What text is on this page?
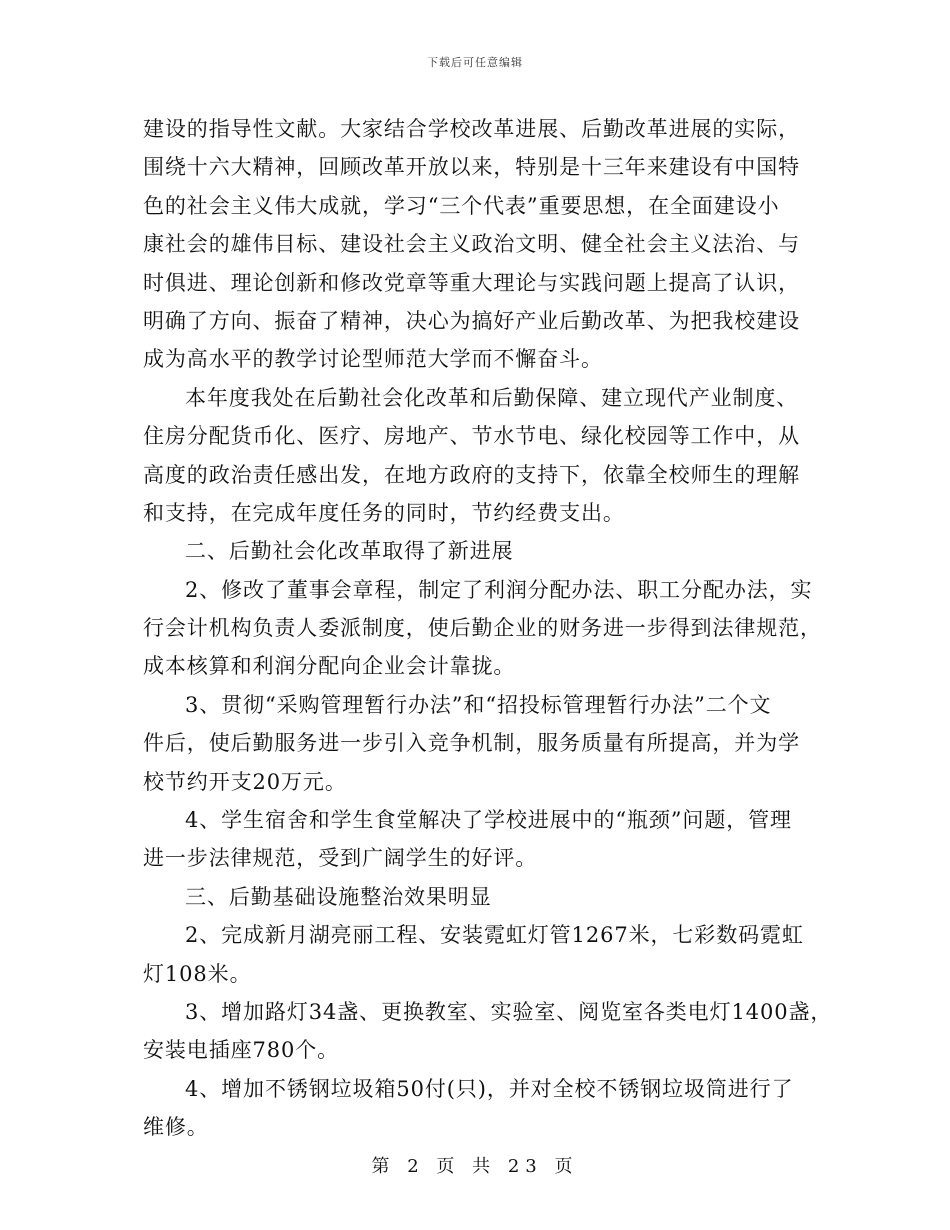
下载后可任意编辑
建设的指导性文献。大家结合学校改革进展、后勤改革进展的实际，
围绕十六大精神，回顾改革开放以来，特别是十三年来建设有中国特
色的社会主义伟大成就，学习“三个代表”重要思想，在全面建设小
康社会的雄伟目标、建设社会主义政治文明、健全社会主义法治、与
时俱进、理论创新和修改党章等重大理论与实践问题上提高了认识，
明确了方向、振奋了精神，决心为搞好产业后勤改革、为把我校建设
成为高水平的教学讨论型师范大学而不懈奋斗。
本年度我处在后勤社会化改革和后勤保障、建立现代产业制度、
住房分配货币化、医疗、房地产、节水节电、绿化校园等工作中，从
高度的政治责任感出发，在地方政府的支持下，依靠全校师生的理解
和支持，在完成年度任务的同时，节约经费支出。
二、后勤社会化改革取得了新进展
2、修改了董事会章程，制定了利润分配办法、职工分配办法，实
行会计机构负责人委派制度，使后勤企业的财务进一步得到法律规范，
成本核算和利润分配向企业会计靠拢。
3、贯彻“采购管理暂行办法”和“招投标管理暂行办法”二个文
件后，使后勤服务进一步引入竞争机制，服务质量有所提高，并为学
校节约开支20万元。
4、学生宿舍和学生食堂解决了学校进展中的“瓶颈”问题，管理
进一步法律规范，受到广阔学生的好评。
三、后勤基础设施整治效果明显
2、完成新月湖亮丽工程、安装霓虹灯管1267米，七彩数码霓虹
灯108米。
3、增加路灯34盏、更换教室、实验室、阅览室各类电灯1400盏，
安装电插座780个。
4、增加不锈钢垃圾箱50付(只)，并对全校不锈钢垃圾筒进行了
维修。
第 2 页 共 23 页
